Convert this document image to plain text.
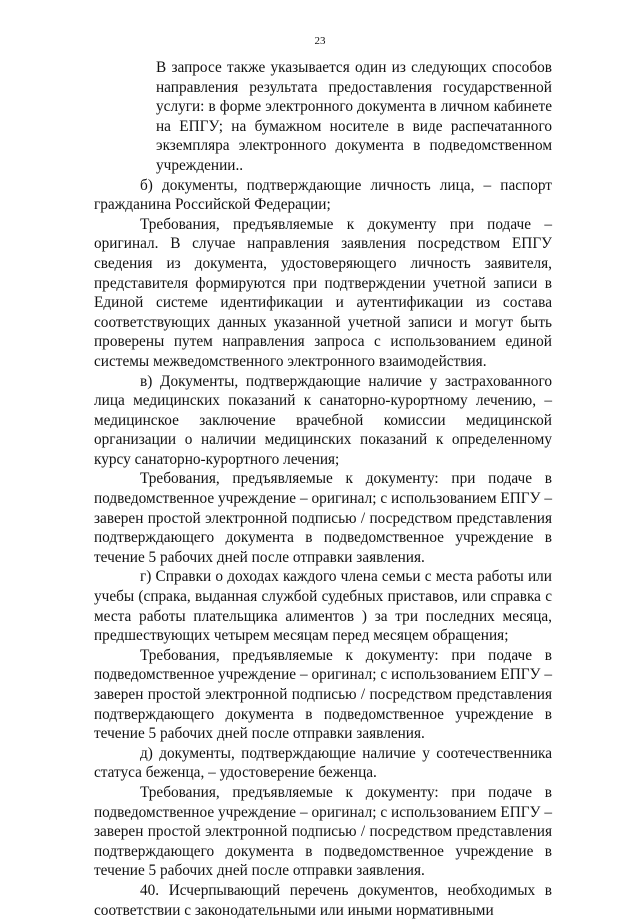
23

В запросе также указывается один из следующих способов направления результата предоставления государственной услуги: в форме электронного документа в личном кабинете на ЕПГУ; на бумажном носителе в виде распечатанного экземпляра электронного документа в подведомственном учреждении..

б) документы, подтверждающие личность лица, – паспорт гражданина Российской Федерации;

Требования, предъявляемые к документу при подаче – оригинал. В случае направления заявления посредством ЕПГУ сведения из документа, удостоверяющего личность заявителя, представителя формируются при подтверждении учетной записи в Единой системе идентификации и аутентификации из состава соответствующих данных указанной учетной записи и могут быть проверены путем направления запроса с использованием единой системы межведомственного электронного взаимодействия.

в) Документы, подтверждающие наличие у застрахованного лица медицинских показаний к санаторно-курортному лечению, – медицинское заключение врачебной комиссии медицинской организации о наличии медицинских показаний к определенному курсу санаторно-курортного лечения;

Требования, предъявляемые к документу: при подаче в подведомственное учреждение – оригинал; с использованием ЕПГУ – заверен простой электронной подписью / посредством представления подтверждающего документа в подведомственное учреждение в течение 5 рабочих дней после отправки заявления.

г) Справки о доходах каждого члена семьи с места работы или учебы (спрака, выданная службой судебных приставов, или справка с места работы плательщика алиментов ) за три последних месяца, предшествующих четырем месяцам перед месяцем обращения;

Требования, предъявляемые к документу: при подаче в подведомственное учреждение – оригинал; с использованием ЕПГУ – заверен простой электронной подписью / посредством представления подтверждающего документа в подведомственное учреждение в течение 5 рабочих дней после отправки заявления.

д) документы, подтверждающие наличие у соотечественника статуса беженца, – удостоверение беженца.

Требования, предъявляемые к документу: при подаче в подведомственное учреждение – оригинал; с использованием ЕПГУ – заверен простой электронной подписью / посредством представления подтверждающего документа в подведомственное учреждение в течение 5 рабочих дней после отправки заявления.

40. Исчерпывающий перечень документов, необходимых в соответствии с законодательными или иными нормативными
